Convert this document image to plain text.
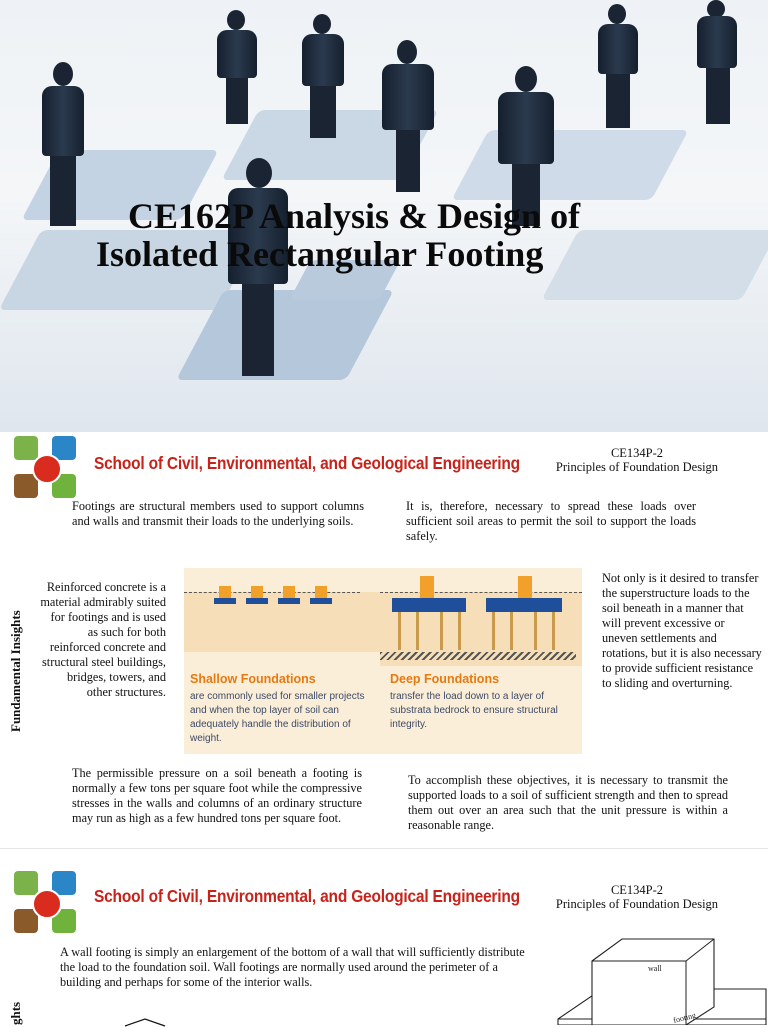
CE162P Analysis & Design of
Isolated Rectangular Footing
School of Civil, Environmental, and Geological Engineering
CE134P-2
Principles of Foundation Design
Fundamental Insights
Footings are structural members used to support columns and walls and transmit their loads to the underlying soils.
It is, therefore, necessary to spread these loads over sufficient soil areas to permit the soil to support the loads safely.
Reinforced concrete is a material admirably suited for footings and is used as such for both reinforced concrete and structural steel buildings, bridges, towers, and other structures.
Not only is it desired to transfer the superstructure loads to the soil beneath in a manner that will prevent excessive or uneven settlements and rotations, but it is also necessary to provide sufficient resistance to sliding and overturning.
Shallow Foundations
are commonly used for smaller projects and when the top layer of soil can adequately handle the distribution of weight.
Deep Foundations
transfer the load down to a layer of substrata bedrock to ensure structural integrity.
The permissible pressure on a soil beneath a footing is normally a few tons per square foot while the compressive stresses in the walls and columns of an ordinary structure may run as high as a few hundred tons per square foot.
To accomplish these objectives, it is necessary to transmit the supported loads to a soil of sufficient strength and then to spread them out over an area such that the unit pressure is within a reasonable range.
School of Civil, Environmental, and Geological Engineering	CE134P-2
Principles of Foundation Design
A wall footing is simply an enlargement of the bottom of a wall that will sufficiently distribute the load to the foundation soil. Wall footings are normally used around the perimeter of a building and perhaps for some of the interior walls.
ghts
wall
footing
